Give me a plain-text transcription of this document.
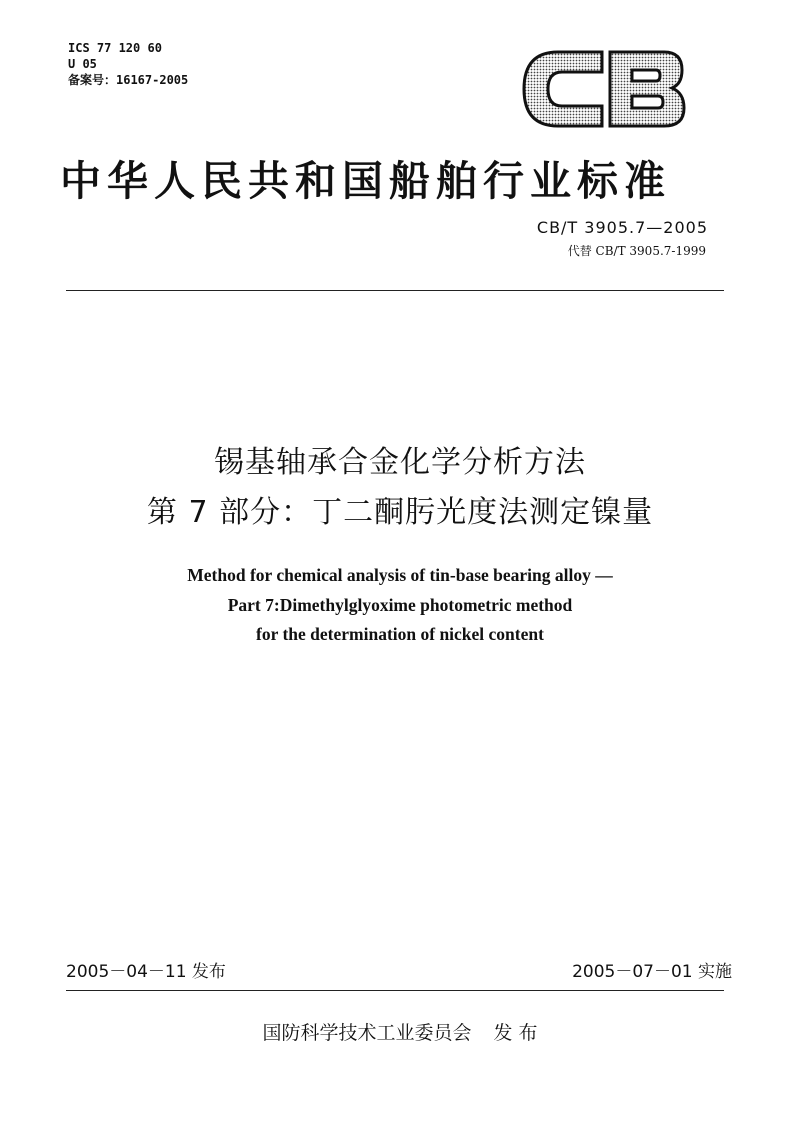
ICS 77 120 60
U 05
备案号：16167-2005
中华人民共和国船舶行业标准
CB/T 3905.7—2005
代替 CB/T 3905.7-1999
锡基轴承合金化学分析方法
第 7 部分：丁二酮肟光度法测定镍量
Method for chemical analysis of tin-base bearing alloy —
Part 7:Dimethylglyoxime photometric method
for the determination of nickel content
2005－04－11 发布	2005－07－01 实施
国防科学技术工业委员会 发 布
